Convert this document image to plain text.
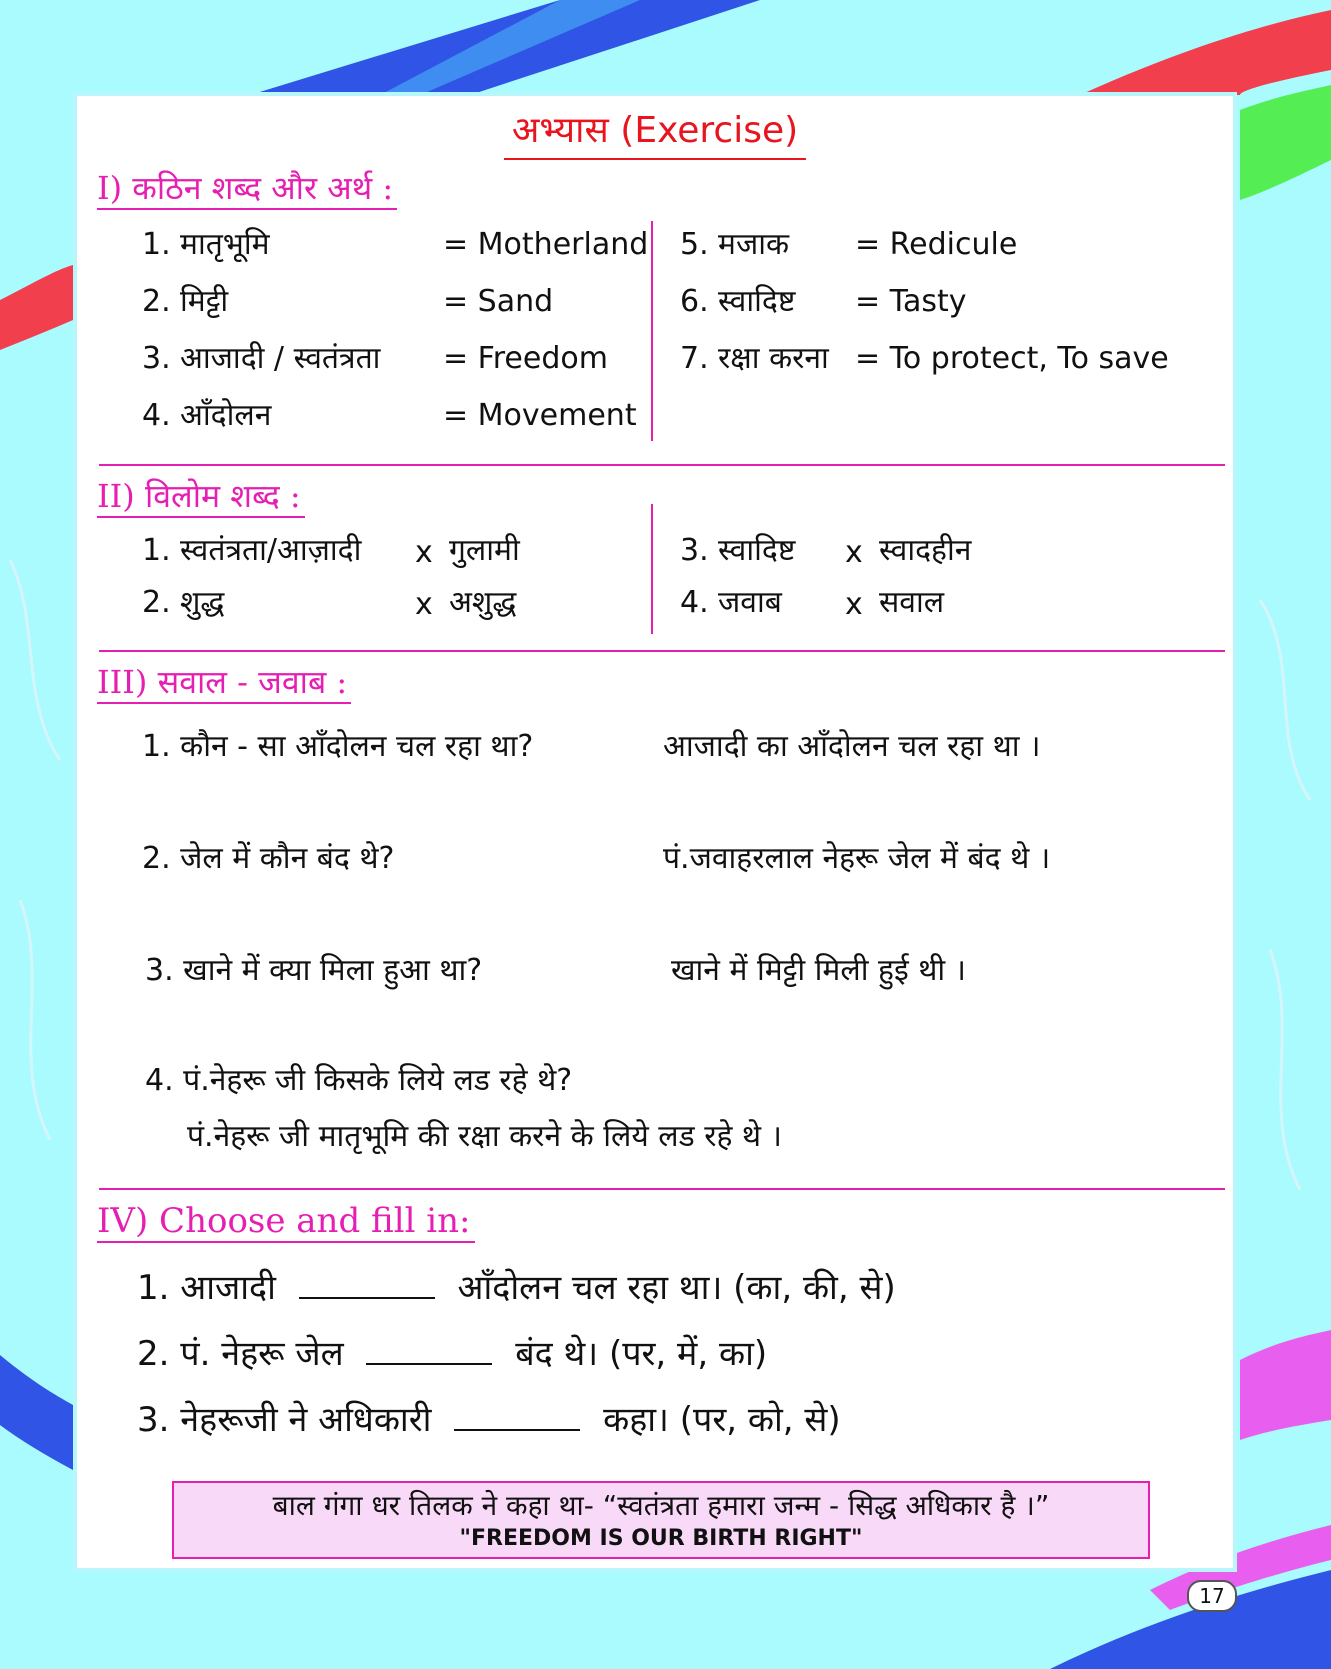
अभ्यास (Exercise)
I) कठिन शब्द और अर्थ :
1. मातृभूमि	= Motherland
2. मिट्टी	= Sand
3. आजादी / स्वतंत्रता = Freedom
4. आँदोलन	= Movement
5. मजाक = Redicule
6. स्वादिष्ट = Tasty
7. रक्षा करना = To protect, To save
II) विलोम शब्द :
1. स्वतंत्रता/आज़ादी x गुलामी
2. शुद्ध	x अशुद्ध
3. स्वादिष्ट x स्वादहीन
4. जवाब x सवाल
III) सवाल - जवाब :
1. कौन - सा आँदोलन चल रहा था?	आजादी का आँदोलन चल रहा था ।
2. जेल में कौन बंद थे?	पं.जवाहरलाल नेहरू जेल में बंद थे ।
3. खाने में क्या मिला हुआ था?	खाने में मिट्टी मिली हुई थी ।
4. पं.नेहरू जी किसके लिये लड रहे थे?
पं.नेहरू जी मातृभूमि की रक्षा करने के लिये लड रहे थे ।
IV) Choose and fill in:
1. आजादी	आँदोलन चल रहा था। (का, की, से)
2. पं. नेहरू जेल	बंद थे। (पर, में, का)
3. नेहरूजी ने अधिकारी	कहा। (पर, को, से)
बाल गंगा धर तिलक ने कहा था- “स्वतंत्रता हमारा जन्म - सिद्ध अधिकार है ।”
"FREEDOM IS OUR BIRTH RIGHT"
17
